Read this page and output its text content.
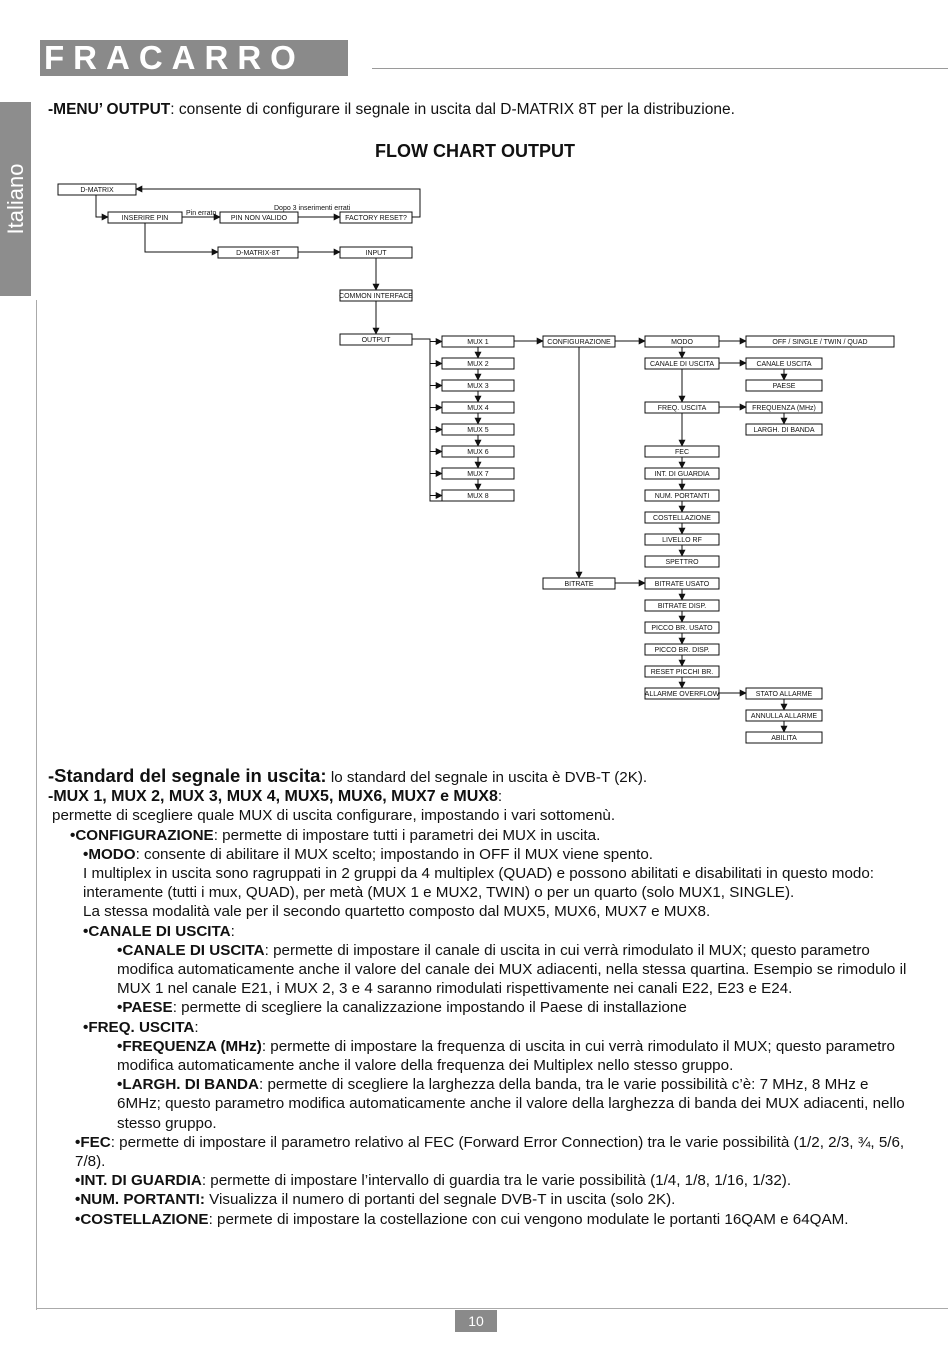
FRACARRO
Italiano
-MENU’ OUTPUT: consente di configurare il segnale in uscita dal D-MATRIX 8T per la distribuzione.
FLOW CHART OUTPUT
D-MATRIX
INSERIRE PIN	PIN NON VALIDO	FACTORY RESET?
Pin errato
Dopo 3 inserimenti errati
D-MATRIX-8T	INPUT
COMMON INTERFACE
OUTPUT	MUX 1
MUX 2
MUX 3
MUX 4
MUX 5
MUX 6
MUX 7
MUX 8
CONFIGURAZIONE
BITRATE
MODO
CANALE DI USCITA
FREQ. USCITA
FEC
INT. DI GUARDIA
NUM. PORTANTI
COSTELLAZIONE
LIVELLO RF
SPETTRO
BITRATE USATO
BITRATE DISP.
PICCO BR. USATO
PICCO BR. DISP.
RESET PICCHI BR.
ALLARME OVERFLOW
OFF / SINGLE / TWIN / QUAD
CANALE USCITA
PAESE
FREQUENZA (MHz)
LARGH. DI BANDA
STATO ALLARME
ANNULLA ALLARME
ABILITA

-Standard del segnale in uscita: lo standard del segnale in uscita è DVB-T (2K).

-MUX 1, MUX 2, MUX 3, MUX 4, MUX5, MUX6, MUX7 e MUX8:

permette di scegliere quale MUX di uscita configurare, impostando i vari sottomenù.

•CONFIGURAZIONE: permette di impostare tutti i parametri dei MUX in uscita.

•MODO: consente di abilitare il MUX scelto; impostando in OFF il MUX viene spento.

I multiplex in uscita sono ragruppati in 2 gruppi da 4 multiplex (QUAD) e possono abilitati e disabilitati in questo modo: interamente (tutti i mux, QUAD), per metà (MUX 1 e MUX2, TWIN) o per un quarto (solo MUX1, SINGLE).

La stessa modalità vale per il secondo quartetto composto dal MUX5, MUX6, MUX7 e MUX8.

•CANALE DI USCITA:

•CANALE DI USCITA: permette di impostare il canale di uscita in cui verrà rimodulato il MUX; questo parametro modifica automaticamente anche il valore del canale dei MUX adiacenti, nella stessa quartina. Esempio se rimodulo il MUX 1 nel canale E21, i MUX 2, 3 e 4 saranno rimodulati rispettivamente nei canali E22, E23 e E24.

•PAESE: permette di scegliere la canalizzazione impostando il Paese di installazione

•FREQ. USCITA:

•FREQUENZA (MHz): permette di impostare la frequenza di uscita in cui verrà rimodulato il MUX; questo parametro modifica automaticamente anche il valore della frequenza dei Multiplex nello stesso gruppo.

•LARGH. DI BANDA: permette di scegliere la larghezza della banda, tra le varie possibilità c’è: 7 MHz, 8 MHz e 6MHz; questo parametro modifica automaticamente anche il valore della larghezza di banda dei MUX adiacenti, nello stesso gruppo.

•FEC: permette di impostare il parametro relativo al FEC (Forward Error Connection) tra le varie possibilità (1/2, 2/3, ¾, 5/6, 7/8).

•INT. DI GUARDIA: permette di impostare l’intervallo di guardia tra le varie possibilità (1/4, 1/8, 1/16, 1/32).

•NUM. PORTANTI: Visualizza il numero di portanti del segnale DVB-T in uscita (solo 2K).

•COSTELLAZIONE: permete di impostare la costellazione con cui vengono modulate le portanti 16QAM e 64QAM.

10
